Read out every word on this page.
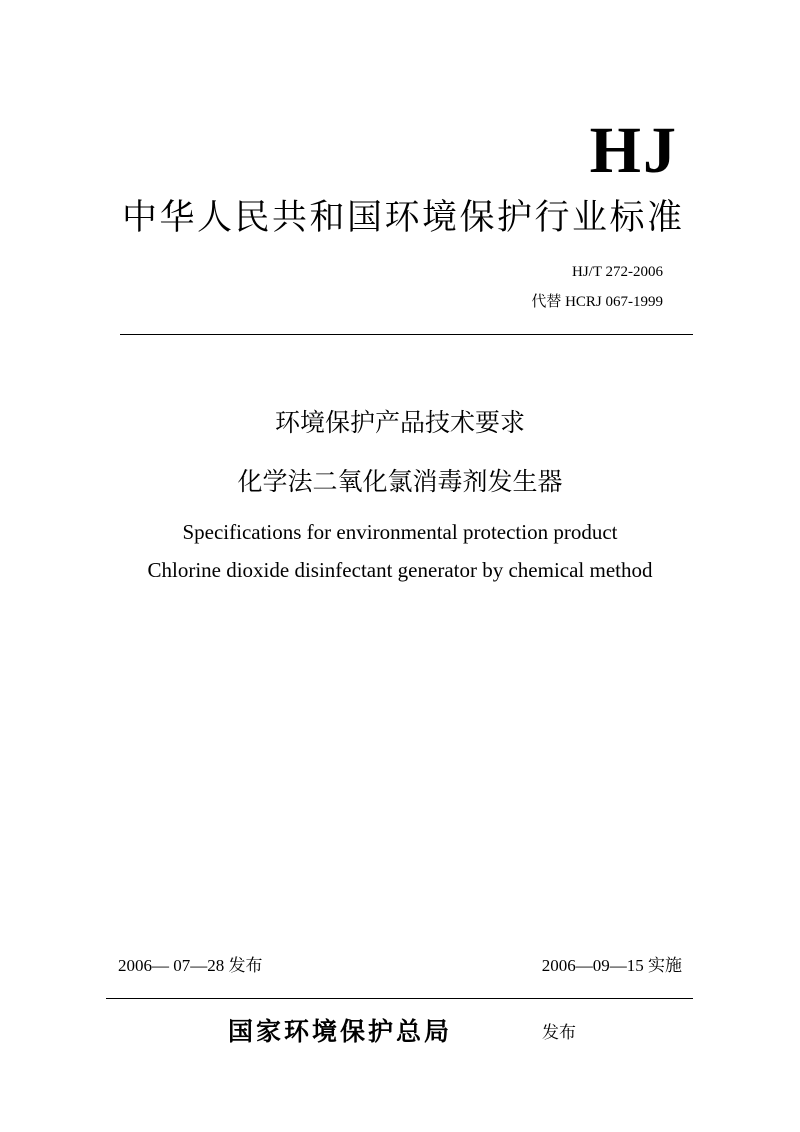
HJ
中华人民共和国环境保护行业标准
HJ/T 272-2006
代替 HCRJ 067-1999
环境保护产品技术要求
化学法二氧化氯消毒剂发生器
Specifications for environmental protection product
Chlorine dioxide disinfectant generator by chemical method
2006— 07—28 发布	2006—09—15 实施
国家环境保护总局	发布
